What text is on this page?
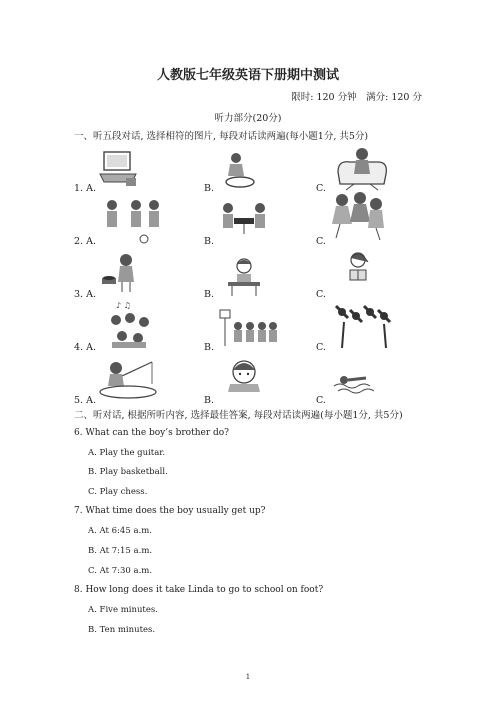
人教版七年级英语下册期中测试
限时: 120 分钟　满分: 120 分
听力部分(20分)
一、听五段对话, 选择相符的图片, 每段对话读两遍(每小题1分, 共5分)
1. A.	B.	C.
2. A.	B.	C.
3. A.	B.	C.
4. A.	B.	C.
♪ ♫
5. A.	B.	C.
二、听对话, 根据所听内容, 选择最佳答案, 每段对话读两遍(每小题1分, 共5分)
6. What can the boy’s brother do?
A. Play the guitar.
B. Play basketball.
C. Play chess.
7. What time does the boy usually get up?
A. At 6:45 a.m.
B. At 7:15 a.m.
C. At 7:30 a.m.
8. How long does it take Linda to go to school on foot?
A. Five minutes.
B. Ten minutes.
1
